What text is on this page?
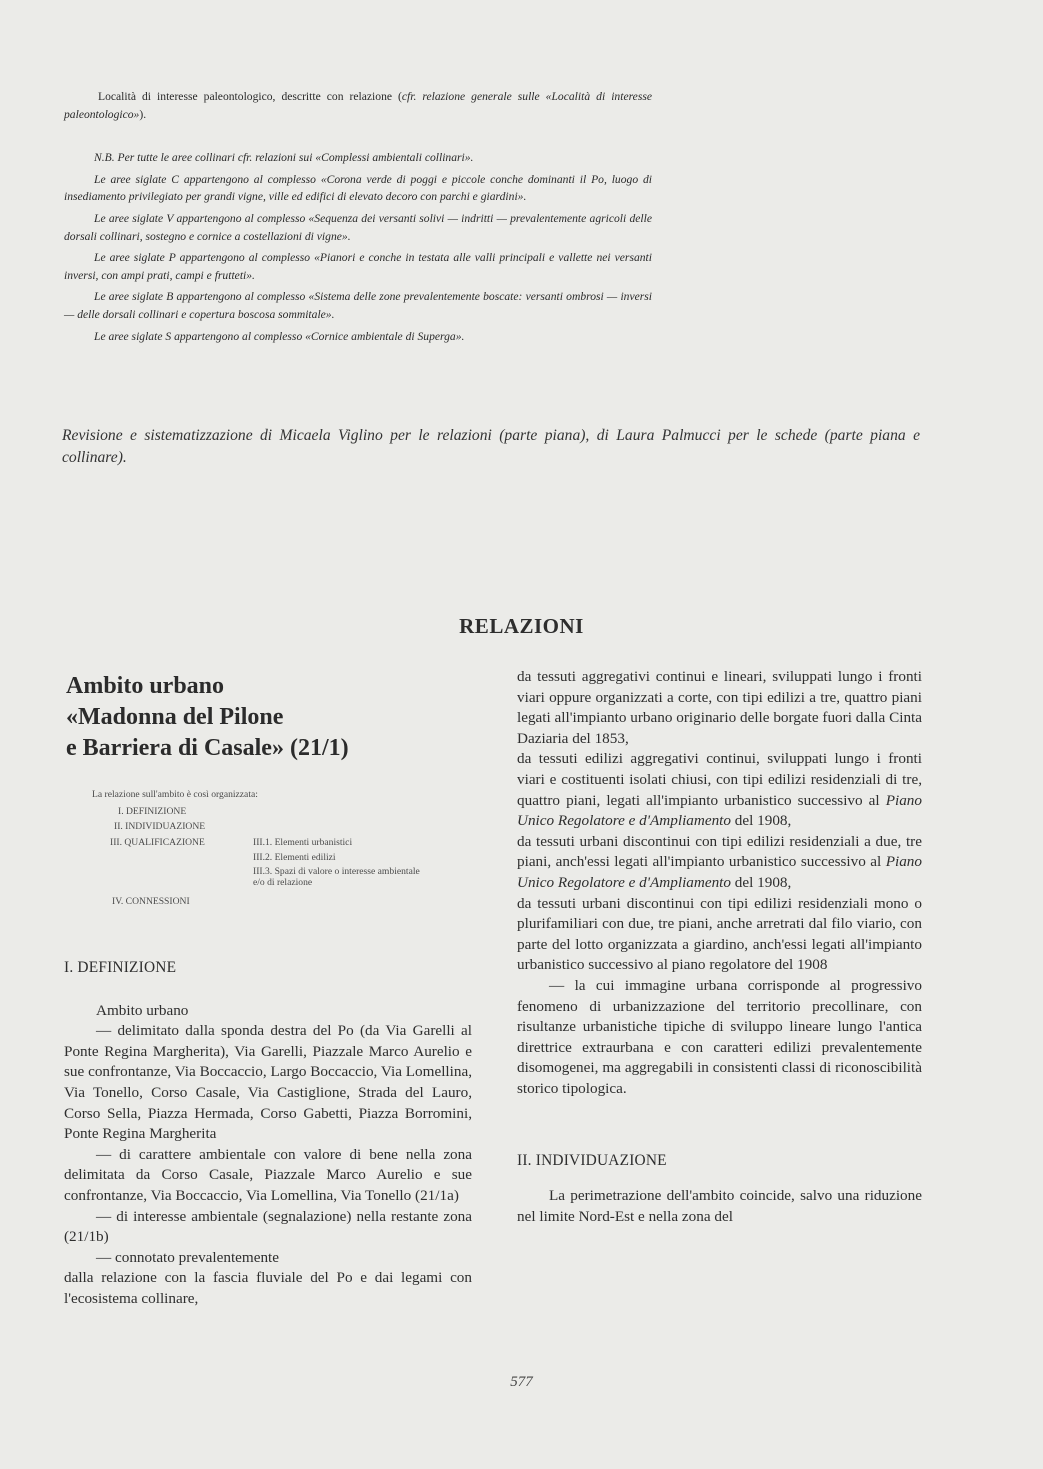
Località di interesse paleontologico, descritte con relazione (cfr. relazione generale sulle «Località di interesse paleontologico»).

N.B. Per tutte le aree collinari cfr. relazioni sui «Complessi ambientali collinari».

Le aree siglate C appartengono al complesso «Corona verde di poggi e piccole conche dominanti il Po, luogo di insediamento privilegiato per grandi vigne, ville ed edifici di elevato decoro con parchi e giardini».

Le aree siglate V appartengono al complesso «Sequenza dei versanti solivi — indritti — prevalentemente agricoli delle dorsali collinari, sostegno e cornice a costellazioni di vigne».

Le aree siglate P appartengono al complesso «Pianori e conche in testata alle valli principali e vallette nei versanti inversi, con ampi prati, campi e frutteti».

Le aree siglate B appartengono al complesso «Sistema delle zone prevalentemente boscate: versanti ombrosi — inversi — delle dorsali collinari e copertura boscosa sommitale».

Le aree siglate S appartengono al complesso «Cornice ambientale di Superga».

Revisione e sistematizzazione di Micaela Viglino per le relazioni (parte piana), di Laura Palmucci per le schede (parte piana e collinare).
RELAZIONI
Ambito urbano
«Madonna del Pilone
e Barriera di Casale» (21/1)
La relazione sull'ambito è così organizzata:
I. DEFINIZIONE
II. INDIVIDUAZIONE
III. QUALIFICAZIONE	III.1. Elementi urbanistici
III.2. Elementi edilizi
III.3. Spazi di valore o interesse ambientale e/o di relazione
IV. CONNESSIONI

I. DEFINIZIONE

Ambito urbano

— delimitato dalla sponda destra del Po (da Via Garelli al Ponte Regina Margherita), Via Garelli, Piazzale Marco Aurelio e sue confrontanze, Via Boccaccio, Largo Boccaccio, Via Lomellina, Via Tonello, Corso Casale, Via Castiglione, Strada del Lauro, Corso Sella, Piazza Hermada, Corso Gabetti, Piazza Borromini, Ponte Regina Margherita

— di carattere ambientale con valore di bene nella zona delimitata da Corso Casale, Piazzale Marco Aurelio e sue confrontanze, Via Boccaccio, Via Lomellina, Via Tonello (21/1a)

— di interesse ambientale (segnalazione) nella restante zona (21/1b)

— connotato prevalentemente

dalla relazione con la fascia fluviale del Po e dai legami con l'ecosistema collinare,

da tessuti aggregativi continui e lineari, sviluppati lungo i fronti viari oppure organizzati a corte, con tipi edilizi a tre, quattro piani legati all'impianto urbano originario delle borgate fuori dalla Cinta Daziaria del 1853,

da tessuti edilizi aggregativi continui, sviluppati lungo i fronti viari e costituenti isolati chiusi, con tipi edilizi residenziali di tre, quattro piani, legati all'impianto urbanistico successivo al Piano Unico Regolatore e d'Ampliamento del 1908,

da tessuti urbani discontinui con tipi edilizi residenziali a due, tre piani, anch'essi legati all'impianto urbanistico successivo al Piano Unico Regolatore e d'Ampliamento del 1908,

da tessuti urbani discontinui con tipi edilizi residenziali mono o plurifamiliari con due, tre piani, anche arretrati dal filo viario, con parte del lotto organizzata a giardino, anch'essi legati all'impianto urbanistico successivo al piano regolatore del 1908

— la cui immagine urbana corrisponde al progressivo fenomeno di urbanizzazione del territorio precollinare, con risultanze urbanistiche tipiche di sviluppo lineare lungo l'antica direttrice extraurbana e con caratteri edilizi prevalentemente disomogenei, ma aggregabili in consistenti classi di riconoscibilità storico tipologica.

II. INDIVIDUAZIONE

La perimetrazione dell'ambito coincide, salvo una riduzione nel limite Nord-Est e nella zona del

577
